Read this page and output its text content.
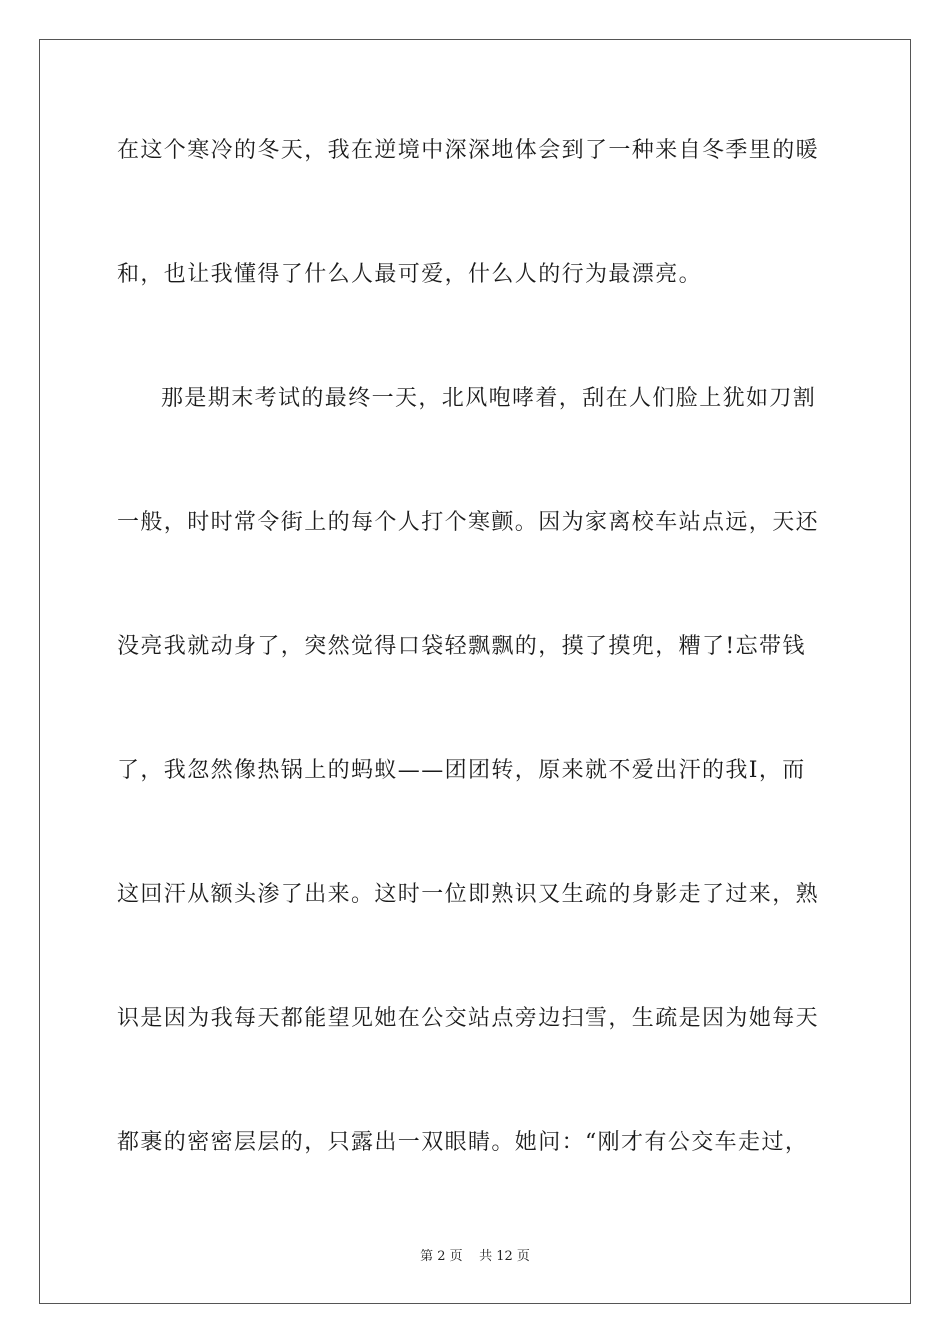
在这个寒冷的冬天，我在逆境中深深地体会到了一种来自冬季里的暖
和，也让我懂得了什么人最可爱，什么人的行为最漂亮。
那是期末考试的最终一天，北风咆哮着，刮在人们脸上犹如刀割
一般，时时常令街上的每个人打个寒颤。因为家离校车站点远，天还
没亮我就动身了，突然觉得口袋轻飘飘的，摸了摸兜，糟了!忘带钱
了，我忽然像热锅上的蚂蚁——团团转，原来就不爱出汗的我I，而
这回汗从额头渗了出来。这时一位即熟识又生疏的身影走了过来，熟
识是因为我每天都能望见她在公交站点旁边扫雪，生疏是因为她每天
都裹的密密层层的，只露出一双眼睛。她问：“刚才有公交车走过，
第 2 页    共 12 页
